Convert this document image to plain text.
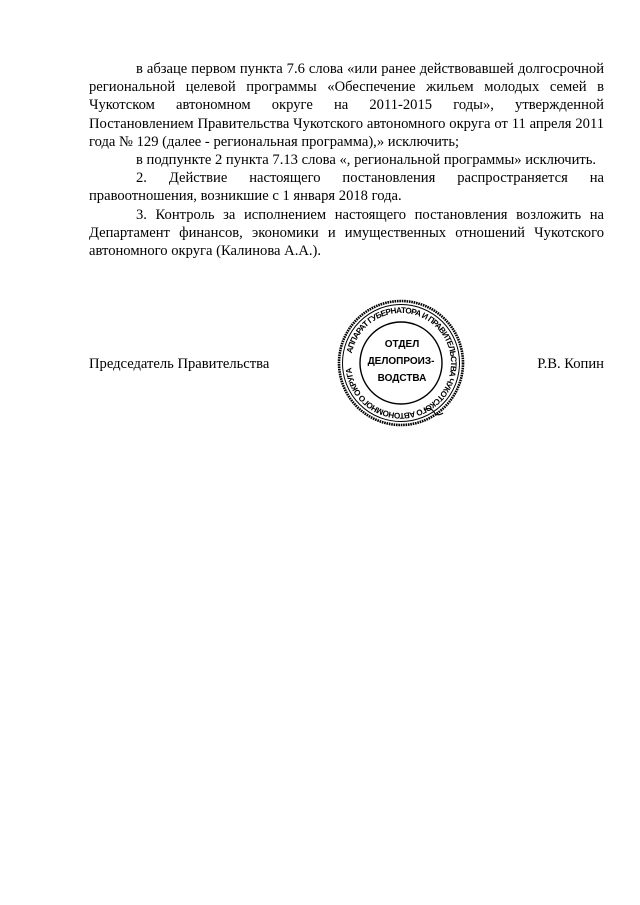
в абзаце первом пункта 7.6 слова «или ранее действовавшей долгосрочной региональной целевой программы «Обеспечение жильем молодых семей в Чукотском автономном округе на 2011-2015 годы», утвержденной Постановлением Правительства Чукотского автономного округа от 11 апреля 2011 года № 129 (далее - региональная программа),» исключить;

в подпункте 2 пункта 7.13 слова «, региональной программы» исключить.

2. Действие настоящего постановления распространяется на правоотношения, возникшие с 1 января 2018 года.

3. Контроль за исполнением настоящего постановления возложить на Департамент финансов, экономики и имущественных отношений Чукотского автономного округа (Калинова А.А.).

Председатель Правительства	Р.В. Копин
АППАРАТ ГУБЕРНАТОРА И ПРАВИТЕЛЬСТВА ЧУКОТСКОГО АВТОНОМНОГО ОКРУГА
ОТДЕЛ
ДЕЛОПРОИЗ-
ВОДСТВА
